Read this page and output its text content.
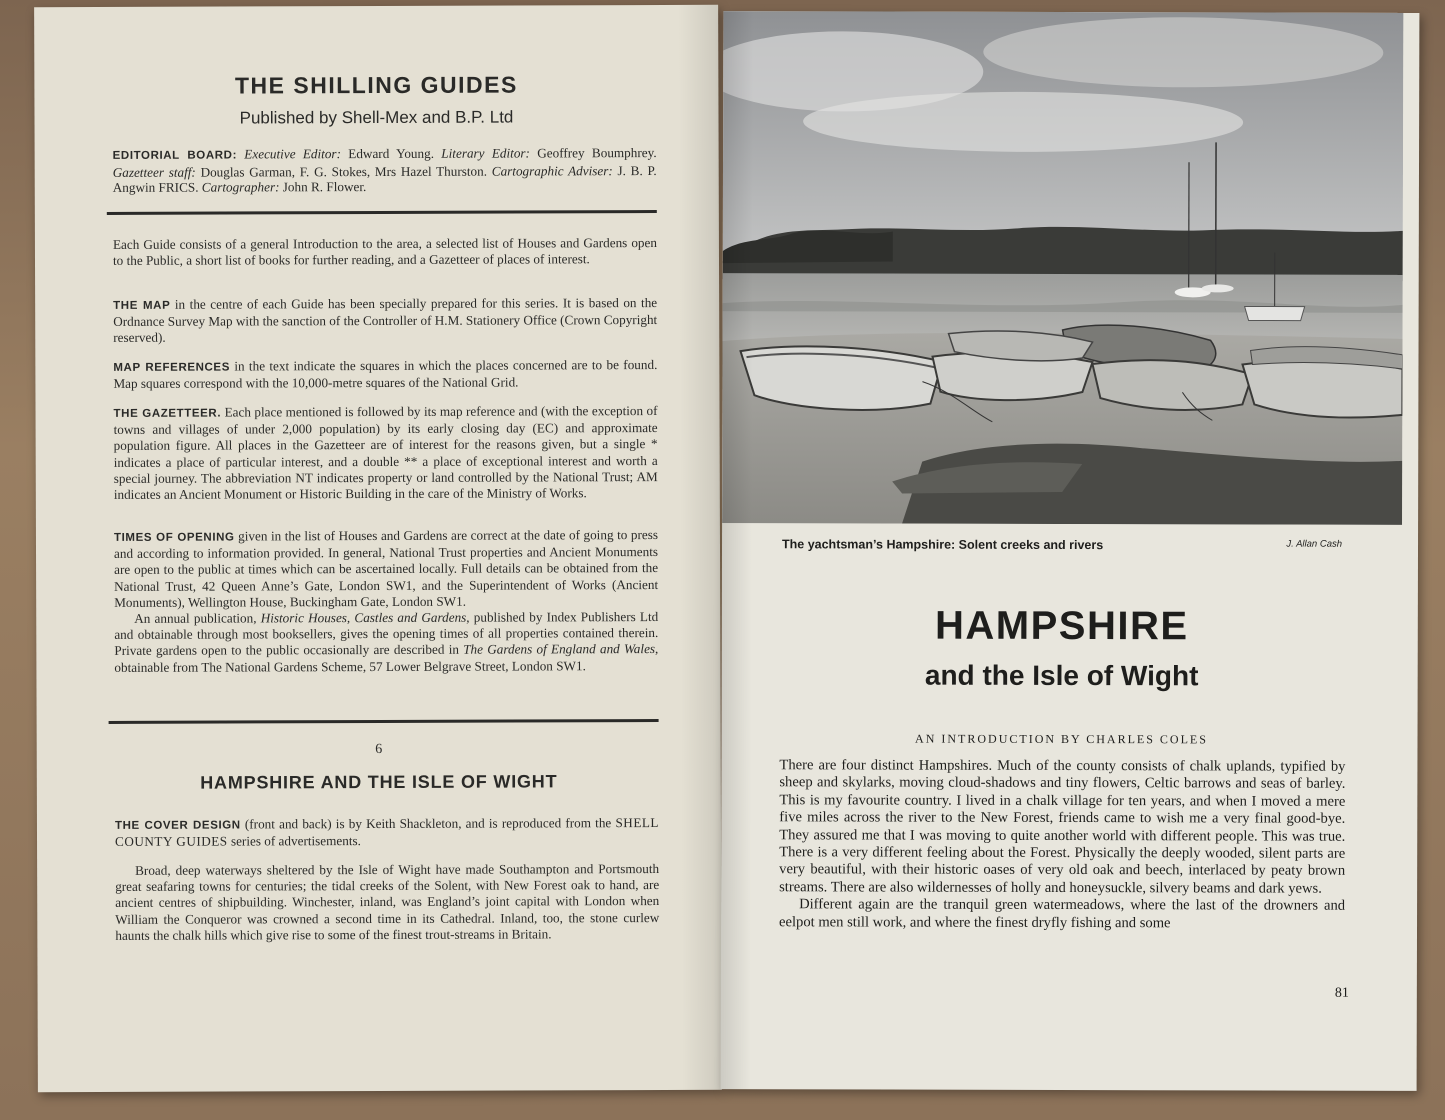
THE SHILLING GUIDES
Published by Shell-Mex and B.P. Ltd
EDITORIAL BOARD: Executive Editor: Edward Young. Literary Editor: Geoffrey Boumphrey. Gazetteer staff: Douglas Garman, F. G. Stokes, Mrs Hazel Thurston. Cartographic Adviser: J. B. P. Angwin FRICS. Cartographer: John R. Flower.
Each Guide consists of a general Introduction to the area, a selected list of Houses and Gardens open to the Public, a short list of books for further reading, and a Gazetteer of places of interest.
THE MAP in the centre of each Guide has been specially prepared for this series. It is based on the Ordnance Survey Map with the sanction of the Controller of H.M. Stationery Office (Crown Copyright reserved).
MAP REFERENCES in the text indicate the squares in which the places concerned are to be found. Map squares correspond with the 10,000-metre squares of the National Grid.
THE GAZETTEER. Each place mentioned is followed by its map reference and (with the exception of towns and villages of under 2,000 population) by its early closing day (EC) and approximate population figure. All places in the Gazetteer are of interest for the reasons given, but a single * indicates a place of particular interest, and a double ** a place of exceptional interest and worth a special journey. The abbreviation NT indicates property or land controlled by the National Trust; AM indicates an Ancient Monument or Historic Building in the care of the Ministry of Works.
TIMES OF OPENING given in the list of Houses and Gardens are correct at the date of going to press and according to information provided. In general, National Trust properties and Ancient Monuments are open to the public at times which can be ascertained locally. Full details can be obtained from the National Trust, 42 Queen Anne’s Gate, London SW1, and the Superintendent of Works (Ancient Monuments), Wellington House, Buckingham Gate, London SW1.
An annual publication, Historic Houses, Castles and Gardens, published by Index Publishers Ltd and obtainable through most booksellers, gives the opening times of all properties contained therein. Private gardens open to the public occasionally are described in The Gardens of England and Wales, obtainable from The National Gardens Scheme, 57 Lower Belgrave Street, London SW1.
6
HAMPSHIRE AND THE ISLE OF WIGHT
THE COVER DESIGN (front and back) is by Keith Shackleton, and is reproduced from the SHELL COUNTY GUIDES series of advertisements.
Broad, deep waterways sheltered by the Isle of Wight have made Southampton and Portsmouth great seafaring towns for centuries; the tidal creeks of the Solent, with New Forest oak to hand, are ancient centres of shipbuilding. Winchester, inland, was England’s joint capital with London when William the Conqueror was crowned a second time in its Cathedral. Inland, too, the stone curlew haunts the chalk hills which give rise to some of the finest trout-streams in Britain.
The yachtsman’s Hampshire: Solent creeks and rivers	J. Allan Cash
HAMPSHIRE
and the Isle of Wight
AN INTRODUCTION BY CHARLES COLES
There are four distinct Hampshires. Much of the county consists of chalk uplands, typified by sheep and skylarks, moving cloud-shadows and tiny flowers, Celtic barrows and seas of barley. This is my favourite country. I lived in a chalk village for ten years, and when I moved a mere five miles across the river to the New Forest, friends came to wish me a very final good-bye. They assured me that I was moving to quite another world with different people. This was true. There is a very different feeling about the Forest. Physically the deeply wooded, silent parts are very beautiful, with their historic oases of very old oak and beech, interlaced by peaty brown streams. There are also wildernesses of holly and honeysuckle, silvery beams and dark yews.
Different again are the tranquil green watermeadows, where the last of the drowners and eelpot men still work, and where the finest dryfly fishing and some
81
